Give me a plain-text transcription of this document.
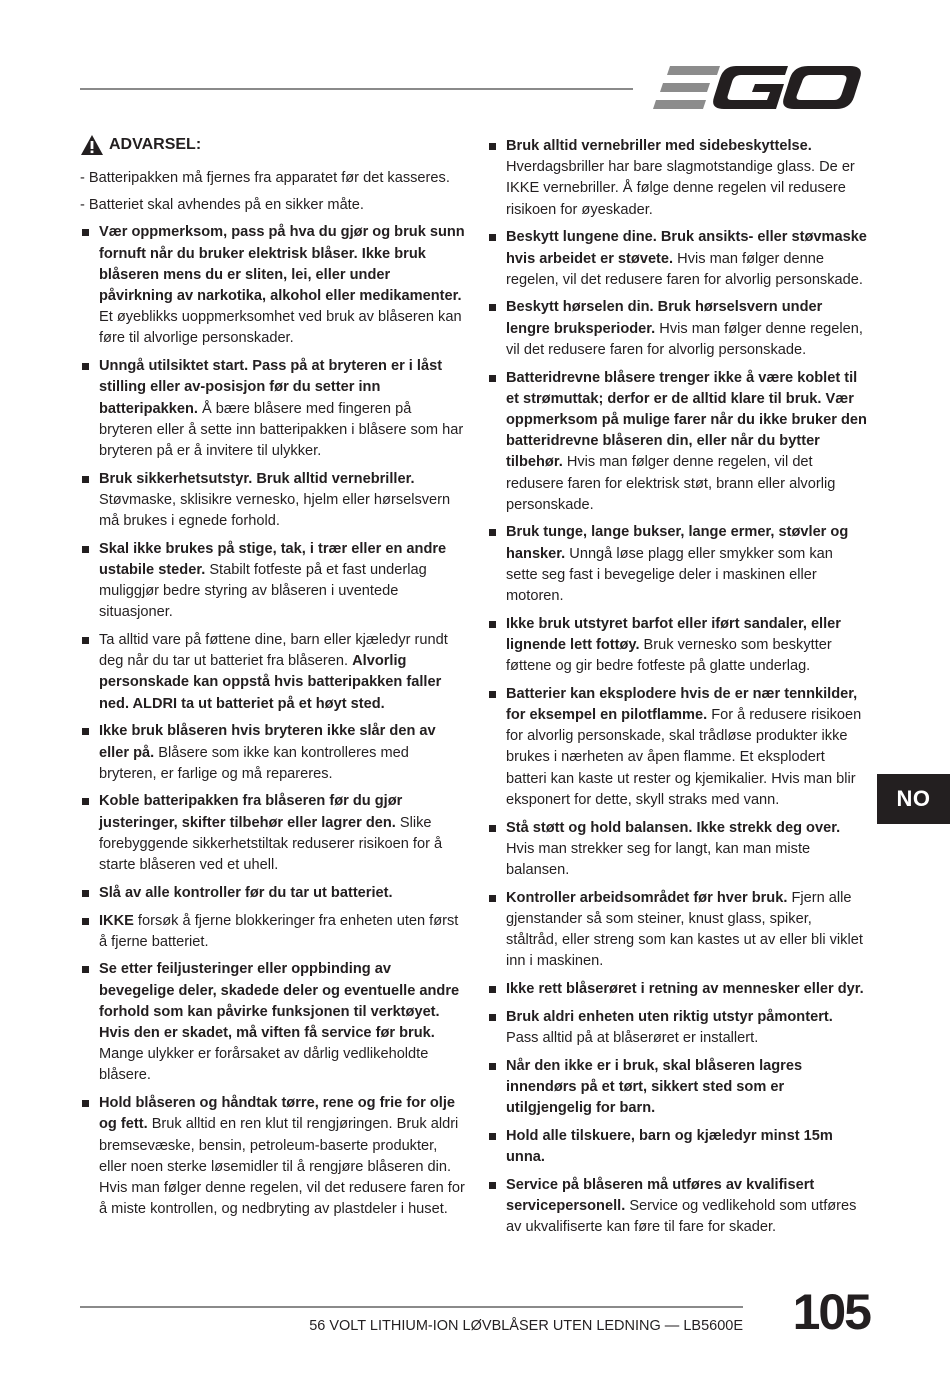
NO
ADVARSEL:
- Batteripakken må fjernes fra apparatet før det kasseres.
- Batteriet skal avhendes på en sikker måte.
Vær oppmerksom, pass på hva du gjør og bruk sunn fornuft når du bruker elektrisk blåser. Ikke bruk blåseren mens du er sliten, lei, eller under påvirkning av narkotika, alkohol eller medikamenter. Et øyeblikks uoppmerksomhet ved bruk av blåseren kan føre til alvorlige personskader.
Unngå utilsiktet start. Pass på at bryteren er i låst stilling eller av-posisjon før du setter inn batteripakken. Å bære blåsere med fingeren på bryteren eller å sette inn batteripakken i blåsere som har bryteren på er å invitere til ulykker.
Bruk sikkerhetsutstyr. Bruk alltid vernebriller. Støvmaske, sklisikre vernesko, hjelm eller hørselsvern må brukes i egnede forhold.
Skal ikke brukes på stige, tak, i trær eller en andre ustabile steder. Stabilt fotfeste på et fast underlag muliggjør bedre styring av blåseren i uventede situasjoner.
Ta alltid vare på føttene dine, barn eller kjæledyr rundt deg når du tar ut batteriet fra blåseren. Alvorlig personskade kan oppstå hvis batteripakken faller ned. ALDRI ta ut batteriet på et høyt sted.
Ikke bruk blåseren hvis bryteren ikke slår den av eller på. Blåsere som ikke kan kontrolleres med bryteren, er farlige og må repareres.
Koble batteripakken fra blåseren før du gjør justeringer, skifter tilbehør eller lagrer den. Slike forebyggende sikkerhetstiltak reduserer risikoen for å starte blåseren ved et uhell.
Slå av alle kontroller før du tar ut batteriet.
IKKE forsøk å fjerne blokkeringer fra enheten uten først å fjerne batteriet.
Se etter feiljusteringer eller oppbinding av bevegelige deler, skadede deler og eventuelle andre forhold som kan påvirke funksjonen til verktøyet. Hvis den er skadet, må viften få service før bruk. Mange ulykker er forårsaket av dårlig vedlikeholdte blåsere.
Hold blåseren og håndtak tørre, rene og frie for olje og fett. Bruk alltid en ren klut til rengjøringen. Bruk aldri bremsevæske, bensin, petroleum-baserte produkter, eller noen sterke løsemidler til å rengjøre blåseren din. Hvis man følger denne regelen, vil det redusere faren for å miste kontrollen, og nedbryting av plastdeler i huset.
Bruk alltid vernebriller med sidebeskyttelse. Hverdagsbriller har bare slagmotstandige glass. De er IKKE vernebriller. Å følge denne regelen vil redusere risikoen for øyeskader.
Beskytt lungene dine. Bruk ansikts- eller støvmaske hvis arbeidet er støvete. Hvis man følger denne regelen, vil det redusere faren for alvorlig personskade.
Beskytt hørselen din. Bruk hørselsvern under lengre bruksperioder. Hvis man følger denne regelen, vil det redusere faren for alvorlig personskade.
Batteridrevne blåsere trenger ikke å være koblet til et strømuttak; derfor er de alltid klare til bruk. Vær oppmerksom på mulige farer når du ikke bruker den batteridrevne blåseren din, eller når du bytter tilbehør. Hvis man følger denne regelen, vil det redusere faren for elektrisk støt, brann eller alvorlig personskade.
Bruk tunge, lange bukser, lange ermer, støvler og hansker. Unngå løse plagg eller smykker som kan sette seg fast i bevegelige deler i maskinen eller motoren.
Ikke bruk utstyret barfot eller iført sandaler, eller lignende lett fottøy. Bruk vernesko som beskytter føttene og gir bedre fotfeste på glatte underlag.
Batterier kan eksplodere hvis de er nær tennkilder, for eksempel en pilotflamme. For å redusere risikoen for alvorlig personskade, skal trådløse produkter ikke brukes i nærheten av åpen flamme. Et eksplodert batteri kan kaste ut rester og kjemikalier. Hvis man blir eksponert for dette, skyll straks med vann.
Stå støtt og hold balansen. Ikke strekk deg over. Hvis man strekker seg for langt, kan man miste balansen.
Kontroller arbeidsområdet før hver bruk. Fjern alle gjenstander så som steiner, knust glass, spiker, ståltråd, eller streng som kan kastes ut av eller bli viklet inn i maskinen.
Ikke rett blåserøret i retning av mennesker eller dyr.
Bruk aldri enheten uten riktig utstyr påmontert. Pass alltid på at blåserøret er installert.
Når den ikke er i bruk, skal blåseren lagres innendørs på et tørt, sikkert sted som er utilgjengelig for barn.
Hold alle tilskuere, barn og kjæledyr minst 15m unna.
Service på blåseren må utføres av kvalifisert servicepersonell. Service og vedlikehold som utføres av ukvalifiserte kan føre til fare for skader.
56 VOLT LITHIUM-ION LØVBLÅSER UTEN LEDNING — LB5600E 105
